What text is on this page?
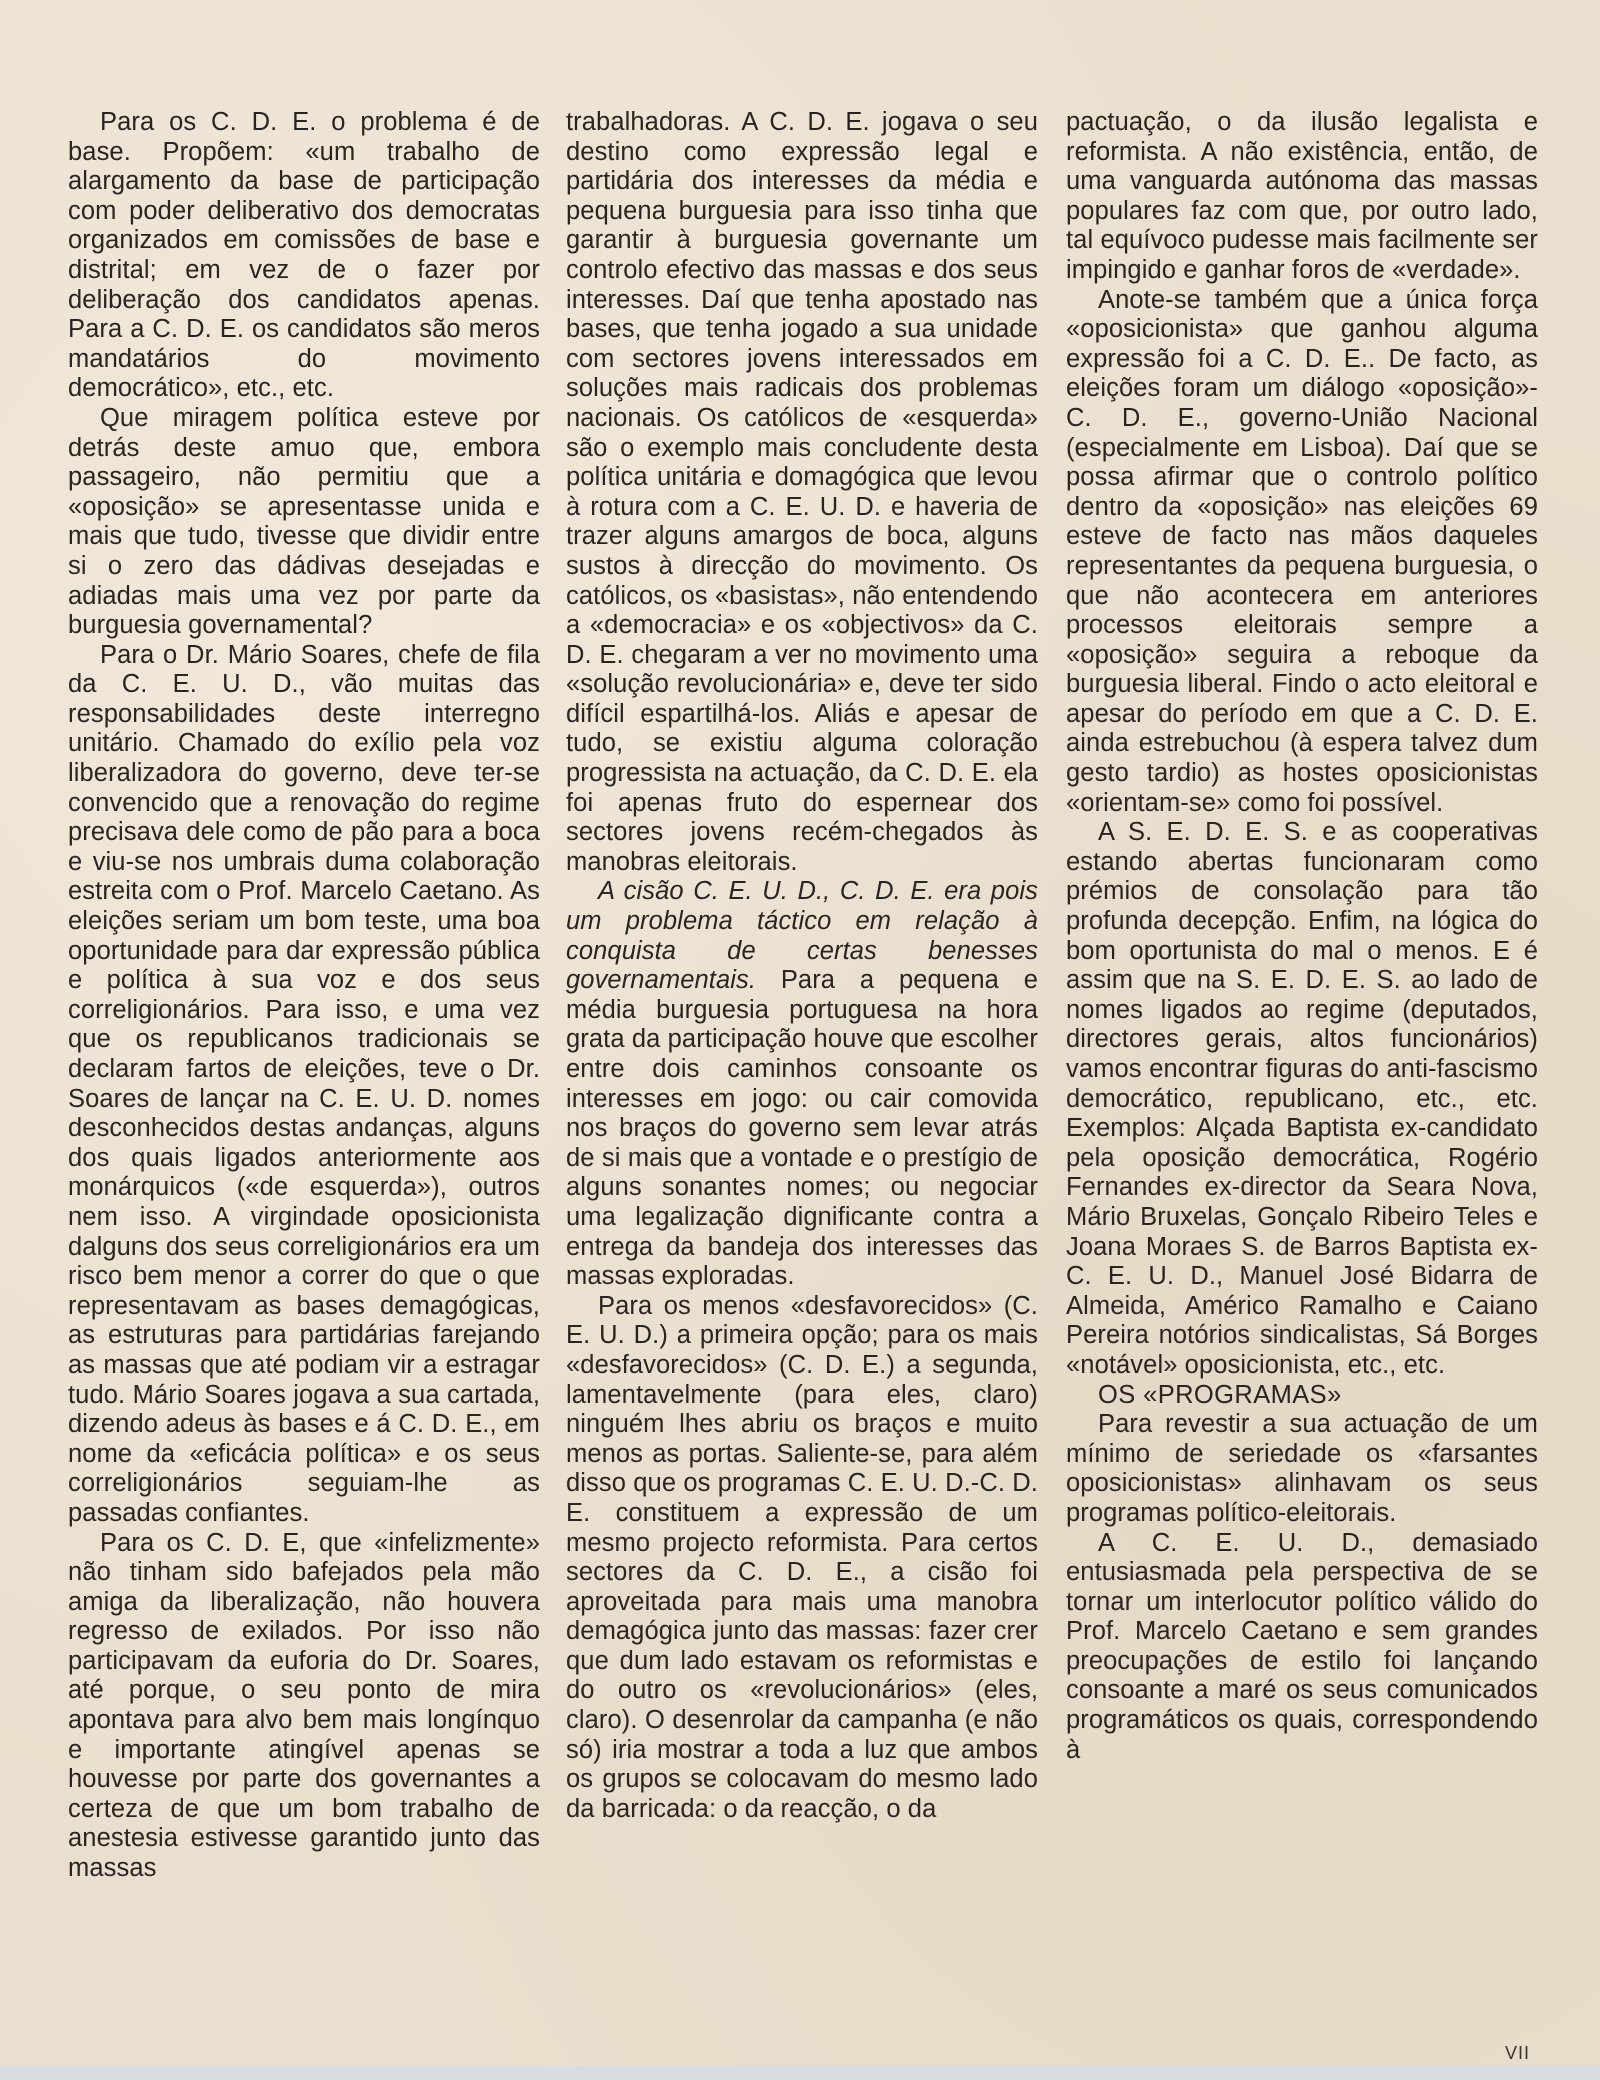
Para os C. D. E. o problema é de base. Propõem: «um trabalho de alargamento da base de participação com poder deliberativo dos democratas organizados em comissões de base e distrital; em vez de o fazer por deliberação dos candidatos apenas. Para a C. D. E. os candidatos são meros mandatários do movimento democrático», etc., etc.

Que miragem política esteve por detrás deste amuo que, embora passageiro, não permitiu que a «oposição» se apresentasse unida e mais que tudo, tivesse que dividir entre si o zero das dádivas desejadas e adiadas mais uma vez por parte da burguesia governamental?

Para o Dr. Mário Soares, chefe de fila da C. E. U. D., vão muitas das responsabilidades deste interregno unitário. Chamado do exílio pela voz liberalizadora do governo, deve ter-se convencido que a renovação do regime precisava dele como de pão para a boca e viu-se nos umbrais duma colaboração estreita com o Prof. Marcelo Caetano. As eleições seriam um bom teste, uma boa oportunidade para dar expressão pública e política à sua voz e dos seus correligionários. Para isso, e uma vez que os republicanos tradicionais se declaram fartos de eleições, teve o Dr. Soares de lançar na C. E. U. D. nomes desconhecidos destas andanças, alguns dos quais ligados anteriormente aos monárquicos («de esquerda»), outros nem isso. A virgindade oposicionista dalguns dos seus correligionários era um risco bem menor a correr do que o que representavam as bases demagógicas, as estruturas para partidárias farejando as massas que até podiam vir a estragar tudo. Mário Soares jogava a sua cartada, dizendo adeus às bases e á C. D. E., em nome da «eficácia política» e os seus correligionários seguiam-lhe as passadas confiantes.

Para os C. D. E, que «infelizmente» não tinham sido bafejados pela mão amiga da liberalização, não houvera regresso de exilados. Por isso não participavam da euforia do Dr. Soares, até porque, o seu ponto de mira apontava para alvo bem mais longínquo e importante atingível apenas se houvesse por parte dos governantes a certeza de que um bom trabalho de anestesia estivesse garantido junto das massas

trabalhadoras. A C. D. E. jogava o seu destino como expressão legal e partidária dos interesses da média e pequena burguesia para isso tinha que garantir à burguesia governante um controlo efectivo das massas e dos seus interesses. Daí que tenha apostado nas bases, que tenha jogado a sua unidade com sectores jovens interessados em soluções mais radicais dos problemas nacionais. Os católicos de «esquerda» são o exemplo mais concludente desta política unitária e domagógica que levou à rotura com a C. E. U. D. e haveria de trazer alguns amargos de boca, alguns sustos à direcção do movimento. Os católicos, os «basistas», não entendendo a «democracia» e os «objectivos» da C. D. E. chegaram a ver no movimento uma «solução revolucionária» e, deve ter sido difícil espartilhá-los. Aliás e apesar de tudo, se existiu alguma coloração progressista na actuação, da C. D. E. ela foi apenas fruto do espernear dos sectores jovens recém-chegados às manobras eleitorais.

A cisão C. E. U. D., C. D. E. era pois um problema táctico em relação à conquista de certas benesses governamentais. Para a pequena e média burguesia portuguesa na hora grata da participação houve que escolher entre dois caminhos consoante os interesses em jogo: ou cair comovida nos braços do governo sem levar atrás de si mais que a vontade e o prestígio de alguns sonantes nomes; ou negociar uma legalização dignificante contra a entrega da bandeja dos interesses das massas exploradas.

Para os menos «desfavorecidos» (C. E. U. D.) a primeira opção; para os mais «desfavorecidos» (C. D. E.) a segunda, lamentavelmente (para eles, claro) ninguém lhes abriu os braços e muito menos as portas. Saliente-se, para além disso que os programas C. E. U. D.-C. D. E. constituem a expressão de um mesmo projecto reformista. Para certos sectores da C. D. E., a cisão foi aproveitada para mais uma manobra demagógica junto das massas: fazer crer que dum lado estavam os reformistas e do outro os «revolucionários» (eles, claro). O desenrolar da campanha (e não só) iria mostrar a toda a luz que ambos os grupos se colocavam do mesmo lado da barricada: o da reacção, o da

pactuação, o da ilusão legalista e reformista. A não existência, então, de uma vanguarda autónoma das massas populares faz com que, por outro lado, tal equívoco pudesse mais facilmente ser impingido e ganhar foros de «verdade».

Anote-se também que a única força «oposicionista» que ganhou alguma expressão foi a C. D. E.. De facto, as eleições foram um diálogo «oposição»-C. D. E., governo-União Nacional (especialmente em Lisboa). Daí que se possa afirmar que o controlo político dentro da «oposição» nas eleições 69 esteve de facto nas mãos daqueles representantes da pequena burguesia, o que não acontecera em anteriores processos eleitorais sempre a «oposição» seguira a reboque da burguesia liberal. Findo o acto eleitoral e apesar do período em que a C. D. E. ainda estrebuchou (à espera talvez dum gesto tardio) as hostes oposicionistas «orientam-se» como foi possível.

A S. E. D. E. S. e as cooperativas estando abertas funcionaram como prémios de consolação para tão profunda decepção. Enfim, na lógica do bom oportunista do mal o menos. E é assim que na S. E. D. E. S. ao lado de nomes ligados ao regime (deputados, directores gerais, altos funcionários) vamos encontrar figuras do anti-fascismo democrático, republicano, etc., etc. Exemplos: Alçada Baptista ex-candidato pela oposição democrática, Rogério Fernandes ex-director da Seara Nova, Mário Bruxelas, Gonçalo Ribeiro Teles e Joana Moraes S. de Barros Baptista ex-C. E. U. D., Manuel José Bidarra de Almeida, Américo Ramalho e Caiano Pereira notórios sindicalistas, Sá Borges «notável» oposicionista, etc., etc.

OS «PROGRAMAS»

Para revestir a sua actuação de um mínimo de seriedade os «farsantes oposicionistas» alinhavam os seus programas político-eleitorais.

A C. E. U. D., demasiado entusiasmada pela perspectiva de se tornar um interlocutor político válido do Prof. Marcelo Caetano e sem grandes preocupações de estilo foi lançando consoante a maré os seus comunicados programáticos os quais, correspondendo à

VII
